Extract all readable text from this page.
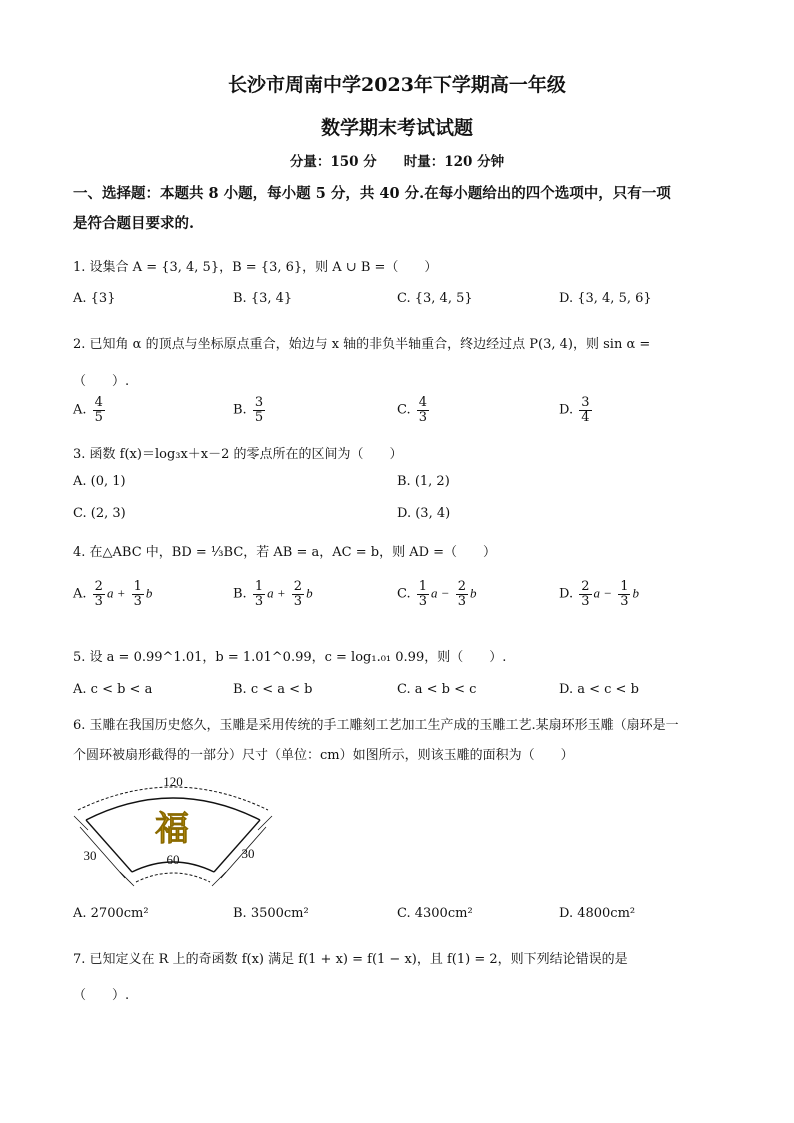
长沙市周南中学2023年下学期高一年级
数学期末考试试题
分量：150 分　　时量：120 分钟
一、选择题：本题共 8 小题，每小题 5 分，共 40 分.在每小题给出的四个选项中，只有一项
是符合题目要求的.
1. 设集合 A = {3, 4, 5}，B = {3, 6}，则 A ∪ B =（　　）
A. {3}	B. {3, 4}	C. {3, 4, 5}	D. {3, 4, 5, 6}
2. 已知角 α 的顶点与坐标原点重合，始边与 x 轴的非负半轴重合，终边经过点 P(3, 4)，则 sin α =
（　　）.
A. $\frac{4}{5}$	B. $\frac{3}{5}$	C. $\frac{4}{3}$	D. $\frac{3}{4}$
3. 函数 f(x)＝log₃x＋x－2 的零点所在的区间为（　　）
A. (0, 1)	B. (1, 2)
C. (2, 3)	D. (3, 4)
4. 在△ABC 中，BD = ⅓BC，若 AB = a，AC = b，则 AD =（　　）
A. $\frac{2}{3}$ $a + \frac{1}{3}$ b	B. $\frac{1}{3}$ $a + \frac{2}{3}$ b	C. $\frac{1}{3}$ $a - \frac{2}{3}$ b	D. $\frac{2}{3}$ $a - \frac{1}{3}$ b
5. 设 a = 0.99^1.01，b = 1.01^0.99，c = log₁.₀₁ 0.99，则（　　）.
A. c < b < a	B. c < a < b	C. a < b < c	D. a < c < b
6. 玉雕在我国历史悠久，玉雕是采用传统的手工雕刻工艺加工生产成的玉雕工艺.某扇环形玉雕（扇环是一
个圆环被扇形截得的一部分）尺寸（单位：cm）如图所示，则该玉雕的面积为（　　）
120
60
30	30
福
A. 2700cm²	B. 3500cm²	C. 4300cm²	D. 4800cm²
7. 已知定义在 R 上的奇函数 f(x) 满足 f(1 + x) = f(1 − x)，且 f(1) = 2，则下列结论错误的是
（　　）.
